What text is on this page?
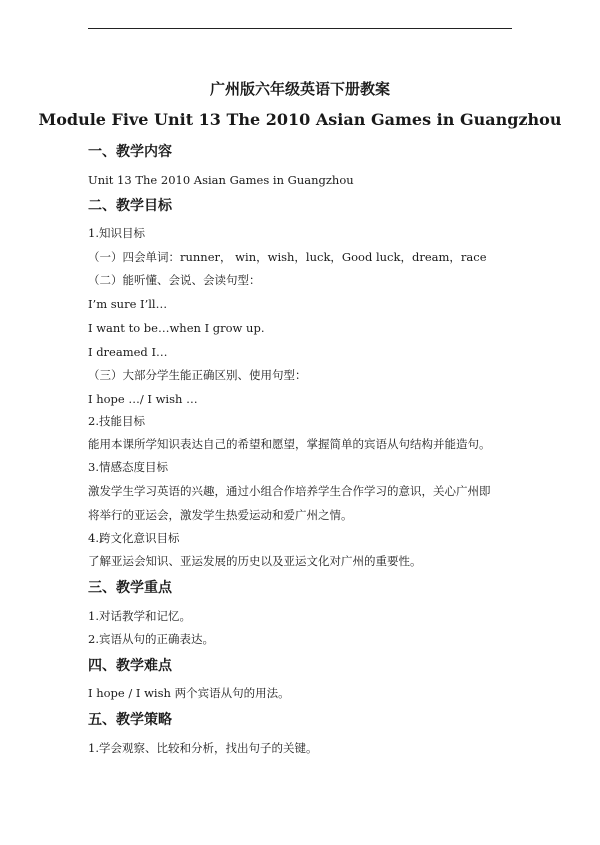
广州版六年级英语下册教案
Module Five Unit 13 The 2010 Asian Games in Guangzhou
一、教学内容
Unit 13 The 2010 Asian Games in Guangzhou
二、教学目标
1.知识目标
（一）四会单词：runner， win，wish，luck，Good luck，dream，race
（二）能听懂、会说、会读句型：
I’m sure I’ll…
I want to be…when I grow up.
I dreamed I…
（三）大部分学生能正确区别、使用句型：
I hope …/ I wish …
2.技能目标
能用本课所学知识表达自己的希望和愿望，掌握简单的宾语从句结构并能造句。
3.情感态度目标
激发学生学习英语的兴趣，通过小组合作培养学生合作学习的意识，关心广州即
将举行的亚运会，激发学生热爱运动和爱广州之情。
4.跨文化意识目标
了解亚运会知识、亚运发展的历史以及亚运文化对广州的重要性。
三、教学重点
1.对话教学和记忆。
2.宾语从句的正确表达。
四、教学难点
I hope / I wish 两个宾语从句的用法。
五、教学策略
1.学会观察、比较和分析，找出句子的关键。
